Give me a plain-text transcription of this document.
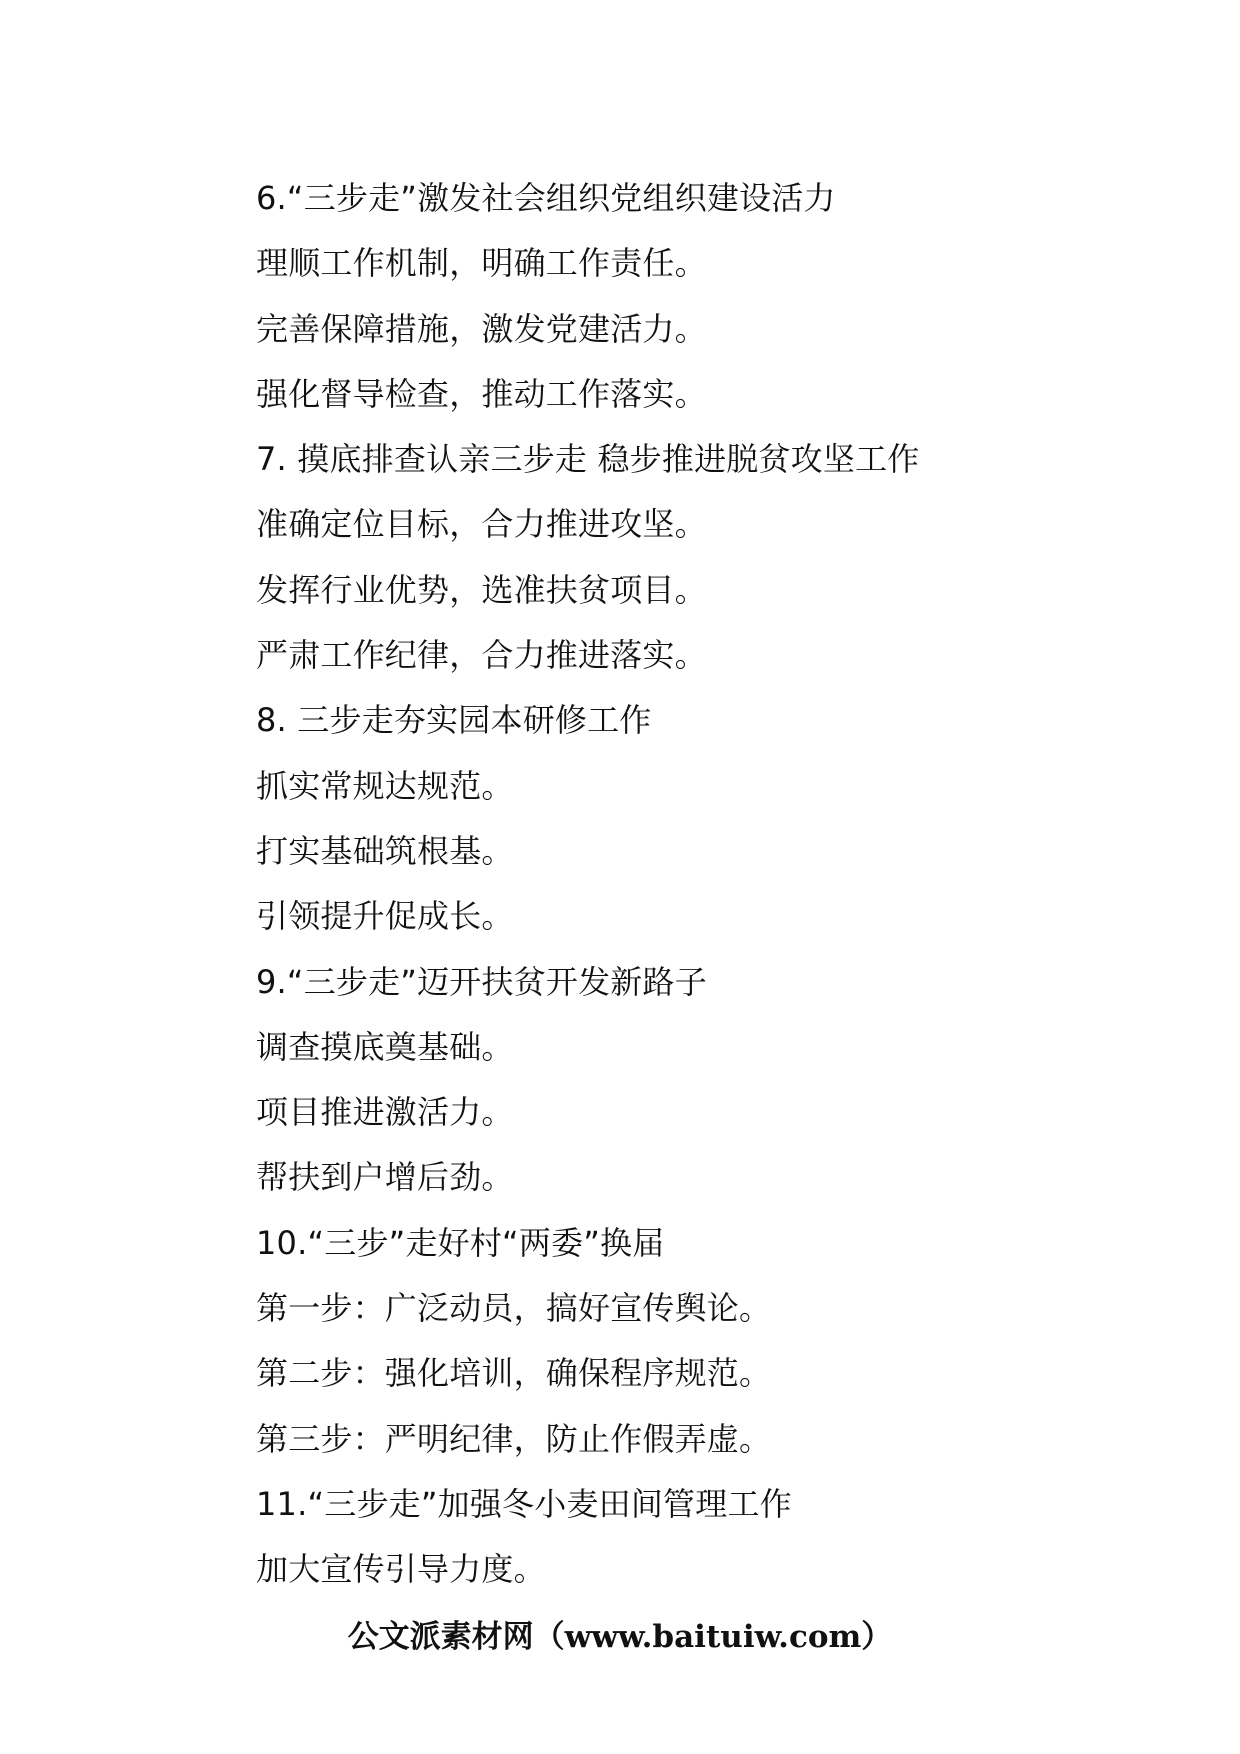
6.“三步走”激发社会组织党组织建设活力
理顺工作机制，明确工作责任。
完善保障措施，激发党建活力。
强化督导检查，推动工作落实。
7. 摸底排查认亲三步走 稳步推进脱贫攻坚工作
准确定位目标，合力推进攻坚。
发挥行业优势，选准扶贫项目。
严肃工作纪律，合力推进落实。
8. 三步走夯实园本研修工作
抓实常规达规范。
打实基础筑根基。
引领提升促成长。
9.“三步走”迈开扶贫开发新路子
调查摸底奠基础。
项目推进激活力。
帮扶到户增后劲。
10.“三步”走好村“两委”换届
第一步：广泛动员，搞好宣传舆论。
第二步：强化培训，确保程序规范。
第三步：严明纪律，防止作假弄虚。
11.“三步走”加强冬小麦田间管理工作
加大宣传引导力度。
公文派素材网（www.baituiw.com）
